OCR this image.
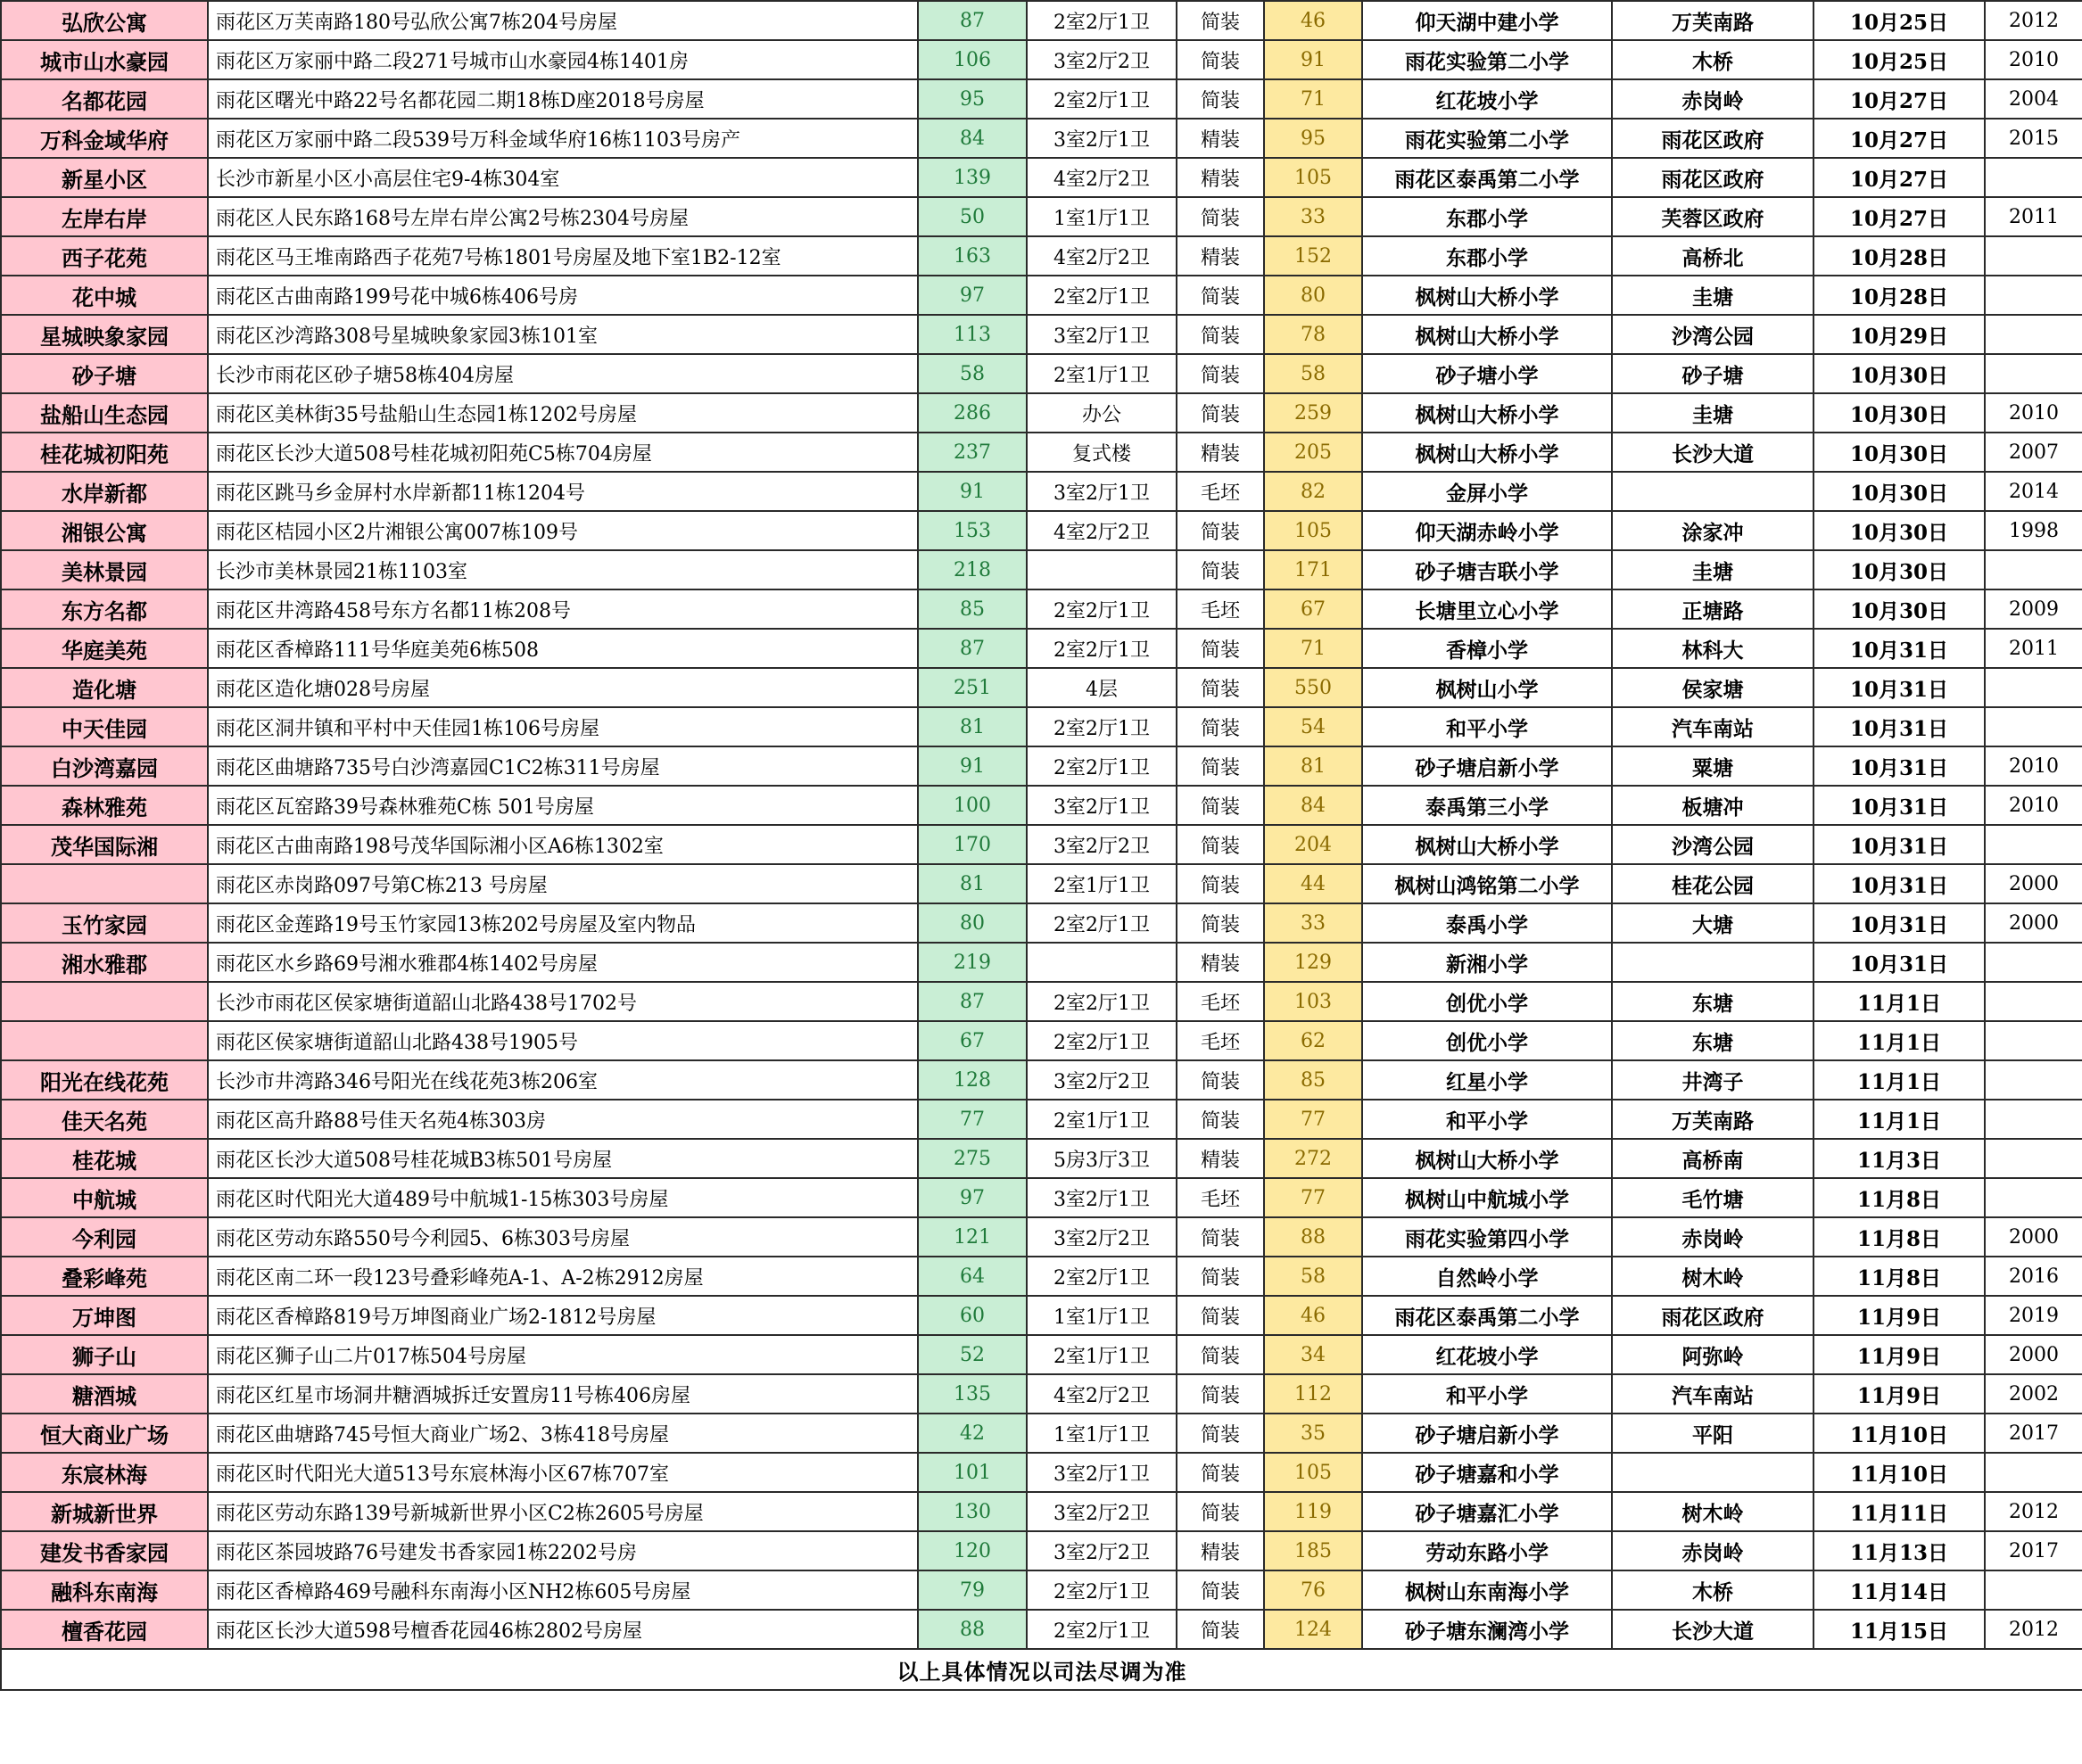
弘欣公寓	雨花区万芙南路180号弘欣公寓7栋204号房屋	87	2室2厅1卫	简装	46	仰天湖中建小学	万芙南路	10月25日	2012
城市山水豪园	雨花区万家丽中路二段271号城市山水豪园4栋1401房	106	3室2厅2卫	简装	91	雨花实验第二小学	木桥	10月25日	2010
名都花园	雨花区曙光中路22号名都花园二期18栋D座2018号房屋	95	2室2厅1卫	简装	71	红花坡小学	赤岗岭	10月27日	2004
万科金域华府	雨花区万家丽中路二段539号万科金域华府16栋1103号房产	84	3室2厅1卫	精装	95	雨花实验第二小学	雨花区政府	10月27日	2015
新星小区	长沙市新星小区小高层住宅9-4栋304室	139	4室2厅2卫	精装	105	雨花区泰禹第二小学	雨花区政府	10月27日	
左岸右岸	雨花区人民东路168号左岸右岸公寓2号栋2304号房屋	50	1室1厅1卫	简装	33	东郡小学	芙蓉区政府	10月27日	2011
西子花苑	雨花区马王堆南路西子花苑7号栋1801号房屋及地下室1B2-12室	163	4室2厅2卫	精装	152	东郡小学	高桥北	10月28日	
花中城	雨花区古曲南路199号花中城6栋406号房	97	2室2厅1卫	简装	80	枫树山大桥小学	圭塘	10月28日	
星城映象家园	雨花区沙湾路308号星城映象家园3栋101室	113	3室2厅1卫	简装	78	枫树山大桥小学	沙湾公园	10月29日	
砂子塘	长沙市雨花区砂子塘58栋404房屋	58	2室1厅1卫	简装	58	砂子塘小学	砂子塘	10月30日	
盐船山生态园	雨花区美林街35号盐船山生态园1栋1202号房屋	286	办公	简装	259	枫树山大桥小学	圭塘	10月30日	2010
桂花城初阳苑	雨花区长沙大道508号桂花城初阳苑C5栋704房屋	237	复式楼	精装	205	枫树山大桥小学	长沙大道	10月30日	2007
水岸新都	雨花区跳马乡金屏村水岸新都11栋1204号	91	3室2厅1卫	毛坯	82	金屏小学		10月30日	2014
湘银公寓	雨花区桔园小区2片湘银公寓007栋109号	153	4室2厅2卫	简装	105	仰天湖赤岭小学	涂家冲	10月30日	1998
美林景园	长沙市美林景园21栋1103室	218		简装	171	砂子塘吉联小学	圭塘	10月30日	
东方名都	雨花区井湾路458号东方名都11栋208号	85	2室2厅1卫	毛坯	67	长塘里立心小学	正塘路	10月30日	2009
华庭美苑	雨花区香樟路111号华庭美苑6栋508	87	2室2厅1卫	简装	71	香樟小学	林科大	10月31日	2011
造化塘	雨花区造化塘028号房屋	251	4层	简装	550	枫树山小学	侯家塘	10月31日	
中天佳园	雨花区洞井镇和平村中天佳园1栋106号房屋	81	2室2厅1卫	简装	54	和平小学	汽车南站	10月31日	
白沙湾嘉园	雨花区曲塘路735号白沙湾嘉园C1C2栋311号房屋	91	2室2厅1卫	简装	81	砂子塘启新小学	粟塘	10月31日	2010
森林雅苑	雨花区瓦窑路39号森林雅苑C栋 501号房屋	100	3室2厅1卫	简装	84	泰禹第三小学	板塘冲	10月31日	2010
茂华国际湘	雨花区古曲南路198号茂华国际湘小区A6栋1302室	170	3室2厅2卫	简装	204	枫树山大桥小学	沙湾公园	10月31日	
	雨花区赤岗路097号第C栋213 号房屋	81	2室1厅1卫	简装	44	枫树山鸿铭第二小学	桂花公园	10月31日	2000
玉竹家园	雨花区金莲路19号玉竹家园13栋202号房屋及室内物品	80	2室2厅1卫	简装	33	泰禹小学	大塘	10月31日	2000
湘水雅郡	雨花区水乡路69号湘水雅郡4栋1402号房屋	219		精装	129	新湘小学		10月31日	
	长沙市雨花区侯家塘街道韶山北路438号1702号	87	2室2厅1卫	毛坯	103	创优小学	东塘	11月1日	
	雨花区侯家塘街道韶山北路438号1905号	67	2室2厅1卫	毛坯	62	创优小学	东塘	11月1日	
阳光在线花苑	长沙市井湾路346号阳光在线花苑3栋206室	128	3室2厅2卫	简装	85	红星小学	井湾子	11月1日	
佳天名苑	雨花区高升路88号佳天名苑4栋303房	77	2室1厅1卫	简装	77	和平小学	万芙南路	11月1日	
桂花城	雨花区长沙大道508号桂花城B3栋501号房屋	275	5房3厅3卫	精装	272	枫树山大桥小学	高桥南	11月3日	
中航城	雨花区时代阳光大道489号中航城1-15栋303号房屋	97	3室2厅1卫	毛坯	77	枫树山中航城小学	毛竹塘	11月8日	
今利园	雨花区劳动东路550号今利园5、6栋303号房屋	121	3室2厅2卫	简装	88	雨花实验第四小学	赤岗岭	11月8日	2000
叠彩峰苑	雨花区南二环一段123号叠彩峰苑A-1、A-2栋2912房屋	64	2室2厅1卫	简装	58	自然岭小学	树木岭	11月8日	2016
万坤图	雨花区香樟路819号万坤图商业广场2-1812号房屋	60	1室1厅1卫	简装	46	雨花区泰禹第二小学	雨花区政府	11月9日	2019
狮子山	雨花区狮子山二片017栋504号房屋	52	2室1厅1卫	简装	34	红花坡小学	阿弥岭	11月9日	2000
糖酒城	雨花区红星市场洞井糖酒城拆迁安置房11号栋406房屋	135	4室2厅2卫	简装	112	和平小学	汽车南站	11月9日	2002
恒大商业广场	雨花区曲塘路745号恒大商业广场2、3栋418号房屋	42	1室1厅1卫	简装	35	砂子塘启新小学	平阳	11月10日	2017
东宸林海	雨花区时代阳光大道513号东宸林海小区67栋707室	101	3室2厅1卫	简装	105	砂子塘嘉和小学		11月10日	
新城新世界	雨花区劳动东路139号新城新世界小区C2栋2605号房屋	130	3室2厅2卫	简装	119	砂子塘嘉汇小学	树木岭	11月11日	2012
建发书香家园	雨花区茶园坡路76号建发书香家园1栋2202号房	120	3室2厅2卫	精装	185	劳动东路小学	赤岗岭	11月13日	2017
融科东南海	雨花区香樟路469号融科东南海小区NH2栋605号房屋	79	2室2厅1卫	简装	76	枫树山东南海小学	木桥	11月14日	
檀香花园	雨花区长沙大道598号檀香花园46栋2802号房屋	88	2室2厅1卫	简装	124	砂子塘东澜湾小学	长沙大道	11月15日	2012
以上具体情况以司法尽调为准									
